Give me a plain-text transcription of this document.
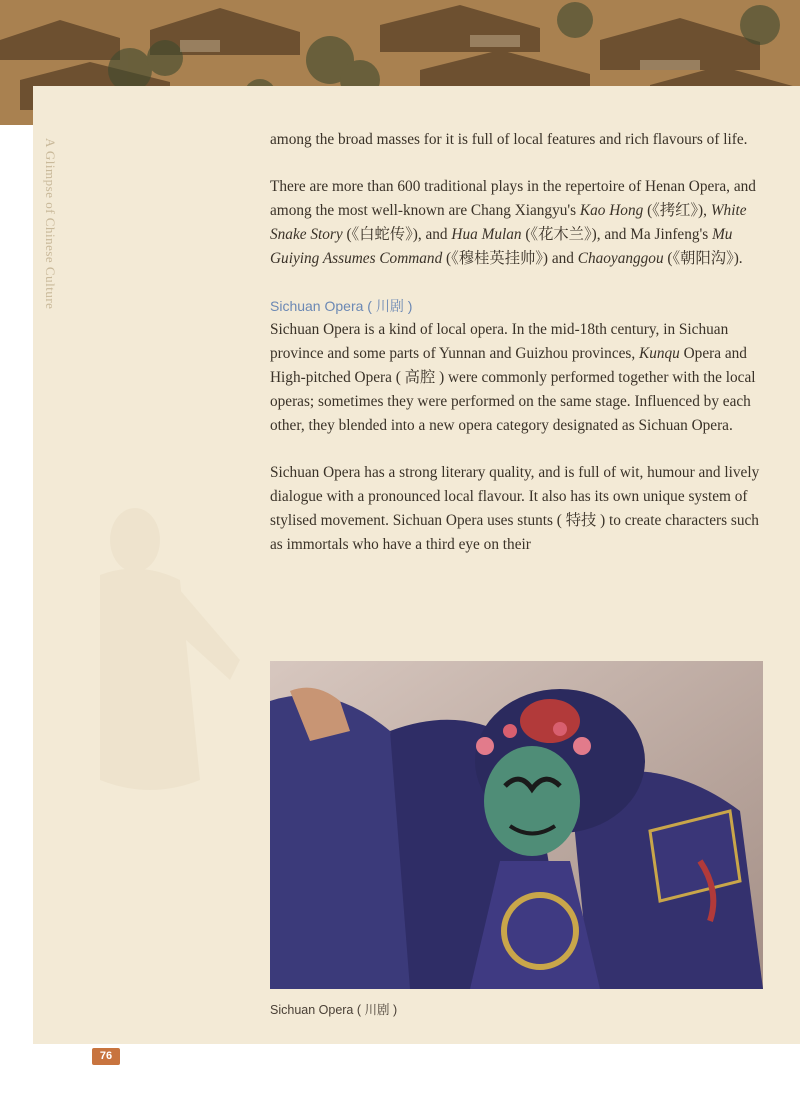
A Glimpse of Chinese Culture	among the broad masses for it is full of local features and rich flavours of life.

There are more than 600 traditional plays in the repertoire of Henan Opera, and among the most well-known are Chang Xiangyu's Kao Hong (《拷红》), White Snake Story (《白蛇传》), and Hua Mulan (《花木兰》), and Ma Jinfeng's Mu Guiying Assumes Command (《穆桂英挂帅》) and Chaoyanggou (《朝阳沟》).

Sichuan Opera ( 川剧 )

Sichuan Opera is a kind of local opera. In the mid-18th century, in Sichuan province and some parts of Yunnan and Guizhou provinces, Kunqu Opera and High-pitched Opera ( 高腔 ) were commonly performed together with the local operas; sometimes they were performed on the same stage. Influenced by each other, they blended into a new opera category designated as Sichuan Opera.

Sichuan Opera has a strong literary quality, and is full of wit, humour and lively dialogue with a pronounced local flavour. It also has its own unique system of stylised movement. Sichuan Opera uses stunts ( 特技 ) to create characters such as immortals who have a third eye on their

Sichuan Opera ( 川剧 )
76
